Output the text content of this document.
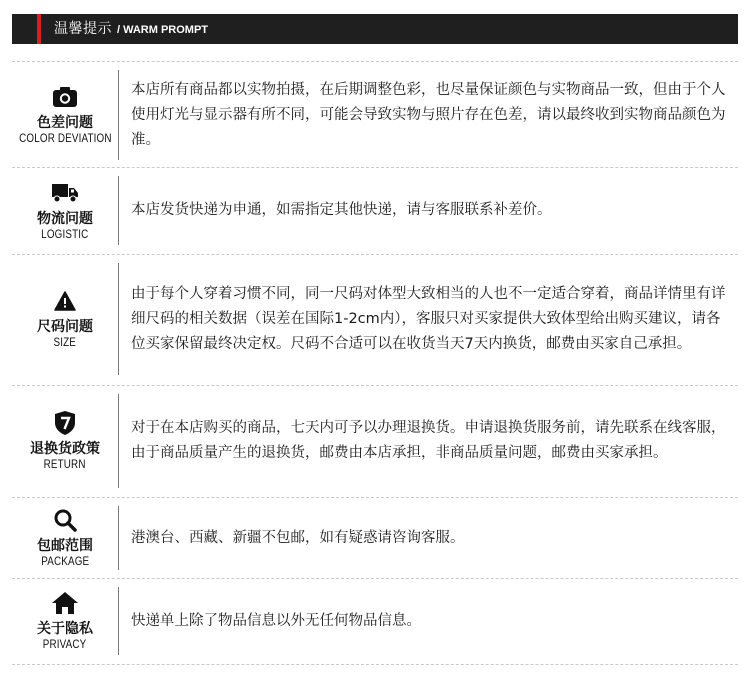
温馨提示 / WARM PROMPT
色差问题
COLOR DEVIATION
本店所有商品都以实物拍摄，在后期调整色彩，也尽量保证颜色与实物商品一致，但由于个人使用灯光与显示器有所不同，可能会导致实物与照片存在色差，请以最终收到实物商品颜色为准。
物流问题
LOGISTIC
本店发货快递为申通，如需指定其他快递，请与客服联系补差价。
尺码问题
SIZE
由于每个人穿着习惯不同，同一尺码对体型大致相当的人也不一定适合穿着，商品详情里有详细尺码的相关数据（误差在国际1-2cm内），客服只对买家提供大致体型给出购买建议，请各位买家保留最终决定权。尺码不合适可以在收货当天7天内换货，邮费由买家自己承担。
退换货政策
RETURN
对于在本店购买的商品，七天内可予以办理退换货。申请退换货服务前，请先联系在线客服，由于商品质量产生的退换货，邮费由本店承担，非商品质量问题，邮费由买家承担。
包邮范围
PACKAGE
港澳台、西藏、新疆不包邮，如有疑惑请咨询客服。
关于隐私
PRIVACY
快递单上除了物品信息以外无任何物品信息。
